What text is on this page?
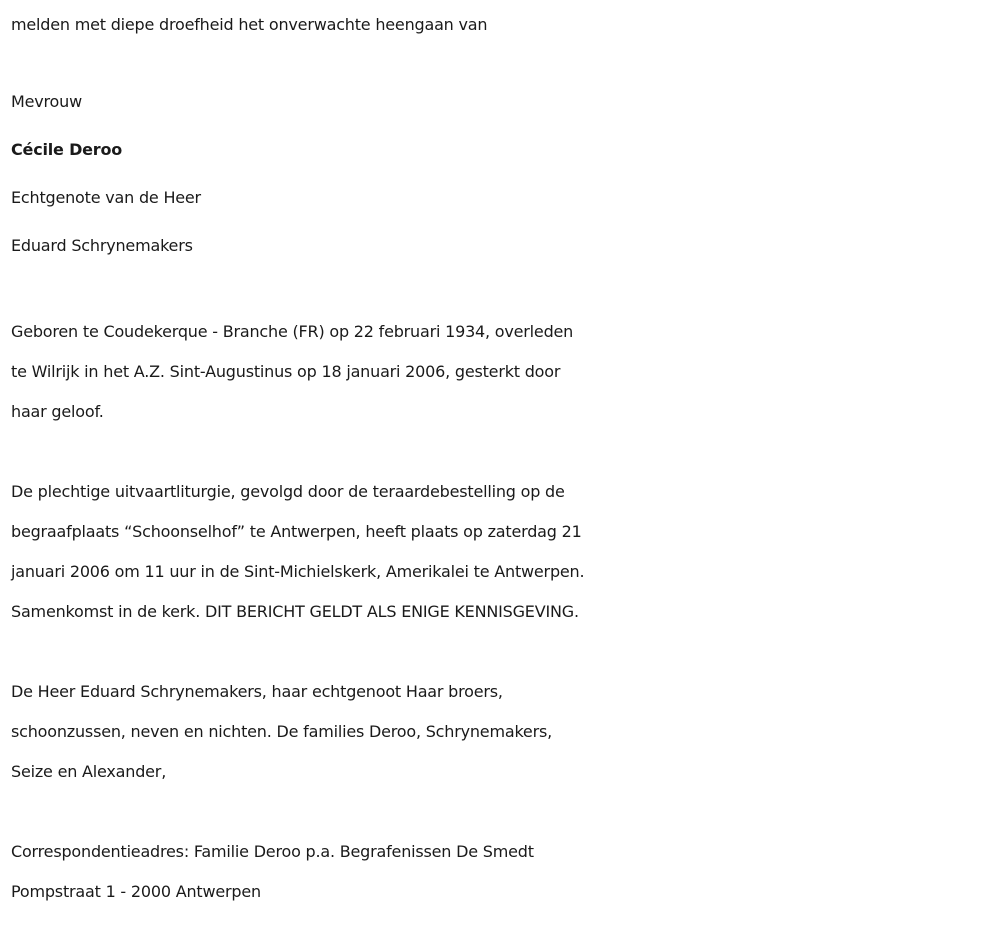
melden met diepe droefheid het onverwachte heengaan van
Mevrouw
Cécile Deroo
Echtgenote van de Heer
Eduard Schrynemakers
Geboren te Coudekerque - Branche (FR) op 22 februari 1934, overleden
te Wilrijk in het A.Z. Sint-Augustinus op 18 januari 2006, gesterkt door
haar geloof.
De plechtige uitvaartliturgie, gevolgd door de teraardebestelling op de
begraafplaats “Schoonselhof” te Antwerpen, heeft plaats op zaterdag 21
januari 2006 om 11 uur in de Sint-Michielskerk, Amerikalei te Antwerpen.
Samenkomst in de kerk. DIT BERICHT GELDT ALS ENIGE KENNISGEVING.
De Heer Eduard Schrynemakers, haar echtgenoot Haar broers,
schoonzussen, neven en nichten. De families Deroo, Schrynemakers,
Seize en Alexander,
Correspondentieadres: Familie Deroo p.a. Begrafenissen De Smedt
Pompstraat 1 - 2000 Antwerpen
